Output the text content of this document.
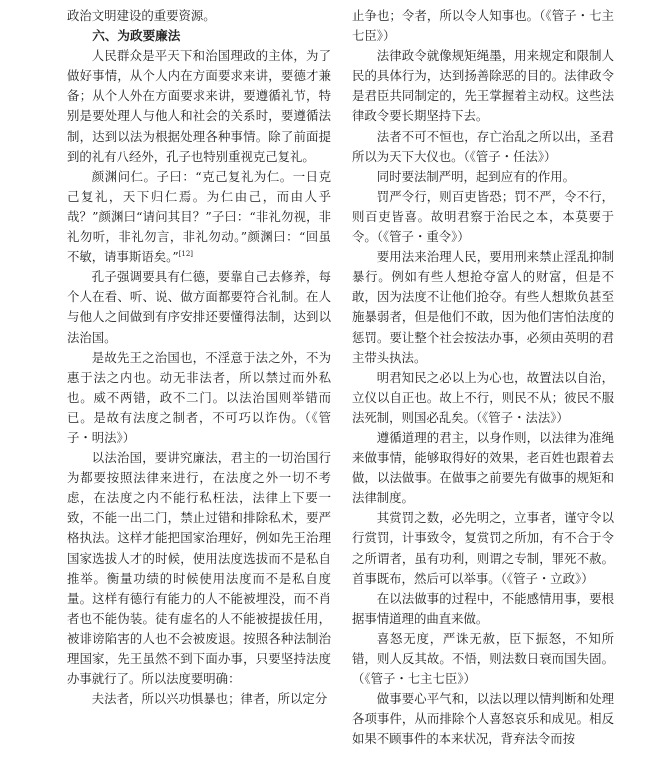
政治文明建设的重要资源。

六、为政要廉法

人民群众是平天下和治国理政的主体，为了做好事情，从个人内在方面要求来讲，要德才兼备；从个人外在方面要求来讲，要遵循礼节，特别是要处理人与他人和社会的关系时，要遵循法制，达到以法为根据处理各种事情。除了前面提到的礼有八经外，孔子也特别重视克己复礼。

颜渊问仁。子曰：“克己复礼为仁。一日克己复礼，天下归仁焉。为仁由己，而由人乎哉？”颜渊曰“请问其目？”子曰：“非礼勿视，非礼勿听，非礼勿言，非礼勿动。”颜渊曰：“回虽不敏，请事斯语矣。”[12]

孔子强调要具有仁德，要靠自己去修养，每个人在看、听、说、做方面都要符合礼制。在人与他人之间做到有序安排还要懂得法制，达到以法治国。

是故先王之治国也，不淫意于法之外，不为惠于法之内也。动无非法者，所以禁过而外私也。威不两错，政不二门。以法治国则举错而已。是故有法度之制者，不可巧以诈伪。（《管子・明法》）

以法治国，要讲究廉法，君主的一切治国行为都要按照法律来进行，在法度之外一切不考虑，在法度之内不能行私枉法，法律上下要一致，不能一出二门，禁止过错和排除私术，要严格执法。这样才能把国家治理好，例如先王治理国家选拔人才的时候，使用法度选拔而不是私自推举。衡量功绩的时候使用法度而不是私自度量。这样有德行有能力的人不能被埋没，而不肖者也不能伪装。徒有虚名的人不能被提拔任用，被诽谤陷害的人也不会被废退。按照各种法制治理国家，先王虽然不到下面办事，只要坚持法度办事就行了。所以法度要明确：

夫法者，所以兴功惧暴也；律者，所以定分

止争也；令者，所以令人知事也。（《管子・七主七臣》）

法律政令就像规矩绳墨，用来规定和限制人民的具体行为，达到扬善除恶的目的。法律政令是君臣共同制定的，先王掌握着主动权。这些法律政令要长期坚持下去。

法者不可不恒也，存亡治乱之所以出，圣君所以为天下大仪也。（《管子・任法》）

同时要法制严明，起到应有的作用。

罚严令行，则百吏皆恐；罚不严，令不行，则百吏皆喜。故明君察于治民之本，本莫要于令。（《管子・重令》）

要用法来治理人民，要用刑来禁止淫乱抑制暴行。例如有些人想抢夺富人的财富，但是不敢，因为法度不让他们抢夺。有些人想欺负甚至施暴弱者，但是他们不敢，因为他们害怕法度的惩罚。要让整个社会按法办事，必须由英明的君主带头执法。

明君知民之必以上为心也，故置法以自治，立仪以自正也。故上不行，则民不从；彼民不服法死制，则国必乱矣。（《管子・法法》）

遵循道理的君主，以身作则，以法律为准绳来做事情，能够取得好的效果，老百姓也跟着去做，以法做事。在做事之前要先有做事的规矩和法律制度。

其赏罚之数，必先明之，立事者，谨守令以行赏罚，计事致令，复赏罚之所加，有不合于令之所谓者，虽有功利，则谓之专制，罪死不赦。首事既布，然后可以举事。（《管子・立政》）

在以法做事的过程中，不能感情用事，要根据事情道理的曲直来做。

喜怒无度，严诛无赦，臣下振怒，不知所错，则人反其故。不悟，则法数日衰而国失固。（《管子・七主七臣》）

做事要心平气和，以法以理以情判断和处理各项事件，从而排除个人喜怒哀乐和成见。相反如果不顾事件的本来状况，背弃法令而按
